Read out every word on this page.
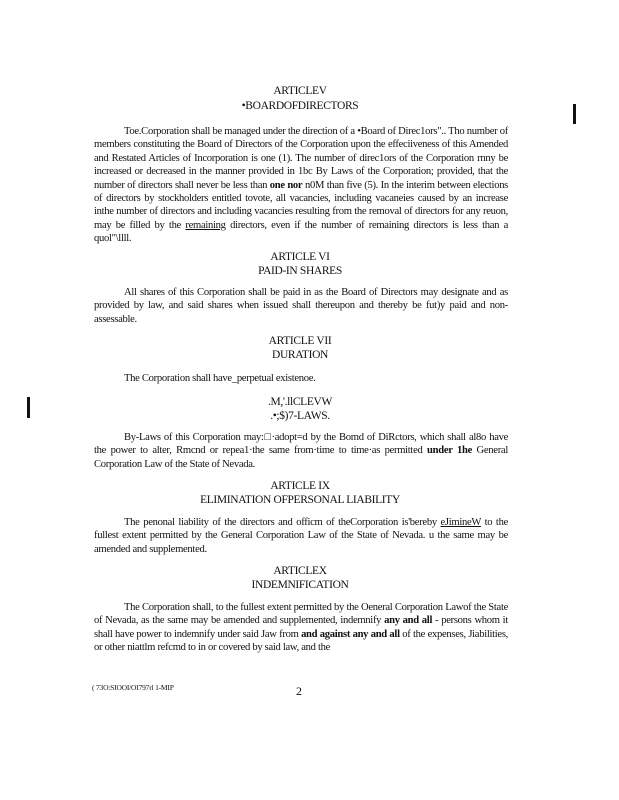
ARTICLEV
•BOARDOFDIRECTORS

Toe.Corporation shall be managed under the direction of a •Board of Direc1ors".. Tho number of members constituting the Board of Directors of the Corporation upon the effeciiveness of this Amended and Restated Articles of Incorporation is one (1). The number of direc1ors of the Corporation rnny be increased or decreased in the manner provided in 1bc By Laws of the Corporation; provided, that the number of directors shall never be less than one nor n0M than five (5). In the interim between elections of directors by stockholders entitled tovote, all vacancies, including vacaneies caused by an increase inthe number of directors and including vacancies resulting from the removal of directors for any reuon, may be filled by the remaining directors, even if the number of remaining directors is less than a quol"\llll.

ARTICLE VI
PAID-IN SHARES

All shares of this Corporation shall be paid in as the Board of Directors may designate and as provided by law, and said shares when issued shall thereupon and thereby be fut)y paid and non-assessable.

ARTICLE VII
DURATION

The Corporation shall have_perpetual existenoe.

.M,'.llCLEVW
.•;$)7-LAWS.

By-Laws of this Corporation may:□·adopt=d by the Bomd of DiRctors, which shall al8o have the power to alter, Rmcnd or repea1·the same from·time to time·as permitted under 1he General Corporation Law of the State of Nevada.

ARTICLE IX
ELIMINATION OFPERSONAL LIABILITY

The penonal liability of the directors and officm of theCorporation is'bereby eJimineW to the fullest extent permitted by the General Corporation Law of the State of Nevada. u the same may be amended and supplemented.

ARTICLEX
INDEMNIFICATION

The Corporation shall, to the fullest extent permitted by the Oeneral Corporation Lawof the State of Nevada, as the same may be amended and supplemented, indemnify any and all - persons whom it shall have power to indemnify under said Jaw from and against any and all of the expenses, Jiabilities, or other niattlm refcmd to in or covered by said law, and the

( 73O:SIOOI/OI797rl 1-MIP	2
